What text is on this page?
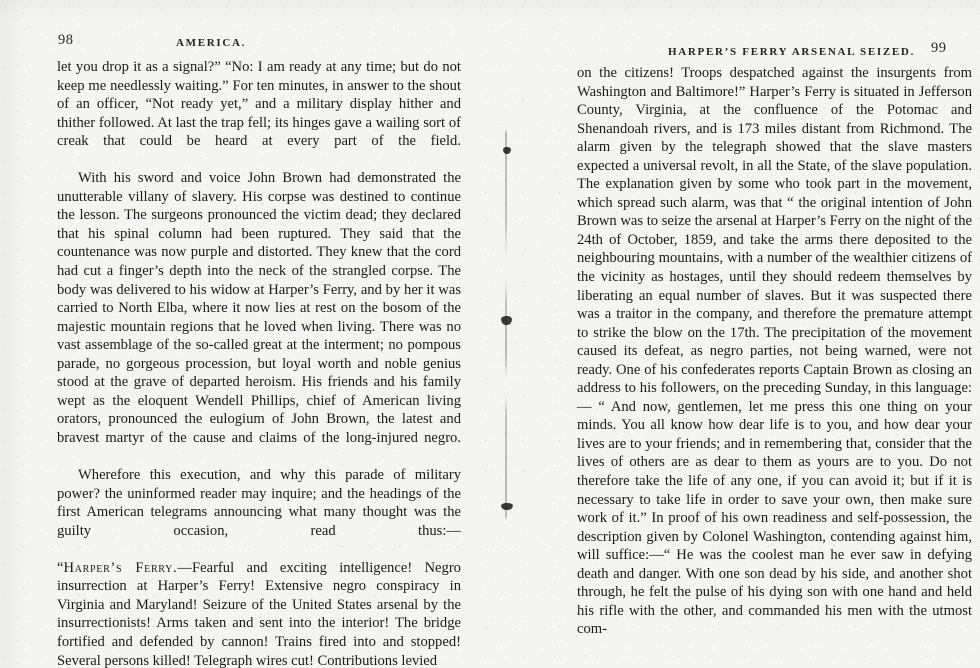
98	AMERICA.

let you drop it as a signal?” “No: I am ready at any time; but do not keep me needlessly waiting.” For ten minutes, in answer to the shout of an officer, “Not ready yet,” and a military display hither and thither followed. At last the trap fell; its hinges gave a wailing sort of creak that could be heard at every part of the field.

With his sword and voice John Brown had demonstrated the unutterable villany of slavery. His corpse was destined to continue the lesson. The surgeons pronounced the victim dead; they declared that his spinal column had been ruptured. They said that the countenance was now purple and distorted. They knew that the cord had cut a finger’s depth into the neck of the strangled corpse. The body was delivered to his widow at Harper’s Ferry, and by her it was carried to North Elba, where it now lies at rest on the bosom of the majestic mountain regions that he loved when living. There was no vast assemblage of the so-called great at the interment; no pompous parade, no gorgeous procession, but loyal worth and noble genius stood at the grave of departed heroism. His friends and his family wept as the eloquent Wendell Phillips, chief of American living orators, pronounced the eulogium of John Brown, the latest and bravest martyr of the cause and claims of the long-injured negro.

Wherefore this execution, and why this parade of military power? the uninformed reader may inquire; and the headings of the first American telegrams announcing what many thought was the guilty occasion, read thus:—

“Harper’s Ferry.—Fearful and exciting intelligence! Negro insurrection at Harper’s Ferry! Extensive negro conspiracy in Virginia and Maryland! Seizure of the United States arsenal by the insurrectionists! Arms taken and sent into the interior! The bridge fortified and defended by cannon! Trains fired into and stopped! Several persons killed! Telegraph wires cut! Contributions levied

HARPER’S FERRY ARSENAL SEIZED. 99

on the citizens! Troops despatched against the insurgents from Washington and Baltimore!” Harper’s Ferry is situated in Jefferson County, Virginia, at the confluence of the Potomac and Shenandoah rivers, and is 173 miles distant from Richmond. The alarm given by the telegraph showed that the slave masters expected a universal revolt, in all the State, of the slave population. The explanation given by some who took part in the movement, which spread such alarm, was that “ the original intention of John Brown was to seize the arsenal at Harper’s Ferry on the night of the 24th of October, 1859, and take the arms there deposited to the neighbouring mountains, with a number of the wealthier citizens of the vicinity as hostages, until they should redeem themselves by liberating an equal number of slaves. But it was suspected there was a traitor in the company, and therefore the premature attempt to strike the blow on the 17th. The precipitation of the movement caused its defeat, as negro parties, not being warned, were not ready. One of his confederates reports Captain Brown as closing an address to his followers, on the preceding Sunday, in this language:— “ And now, gentlemen, let me press this one thing on your minds. You all know how dear life is to you, and how dear your lives are to your friends; and in remembering that, consider that the lives of others are as dear to them as yours are to you. Do not therefore take the life of any one, if you can avoid it; but if it is necessary to take life in order to save your own, then make sure work of it.” In proof of his own readiness and self-possession, the description given by Colonel Washington, contending against him, will suffice:—“ He was the coolest man he ever saw in defying death and danger. With one son dead by his side, and another shot through, he felt the pulse of his dying son with one hand and held his rifle with the other, and commanded his men with the utmost com-
